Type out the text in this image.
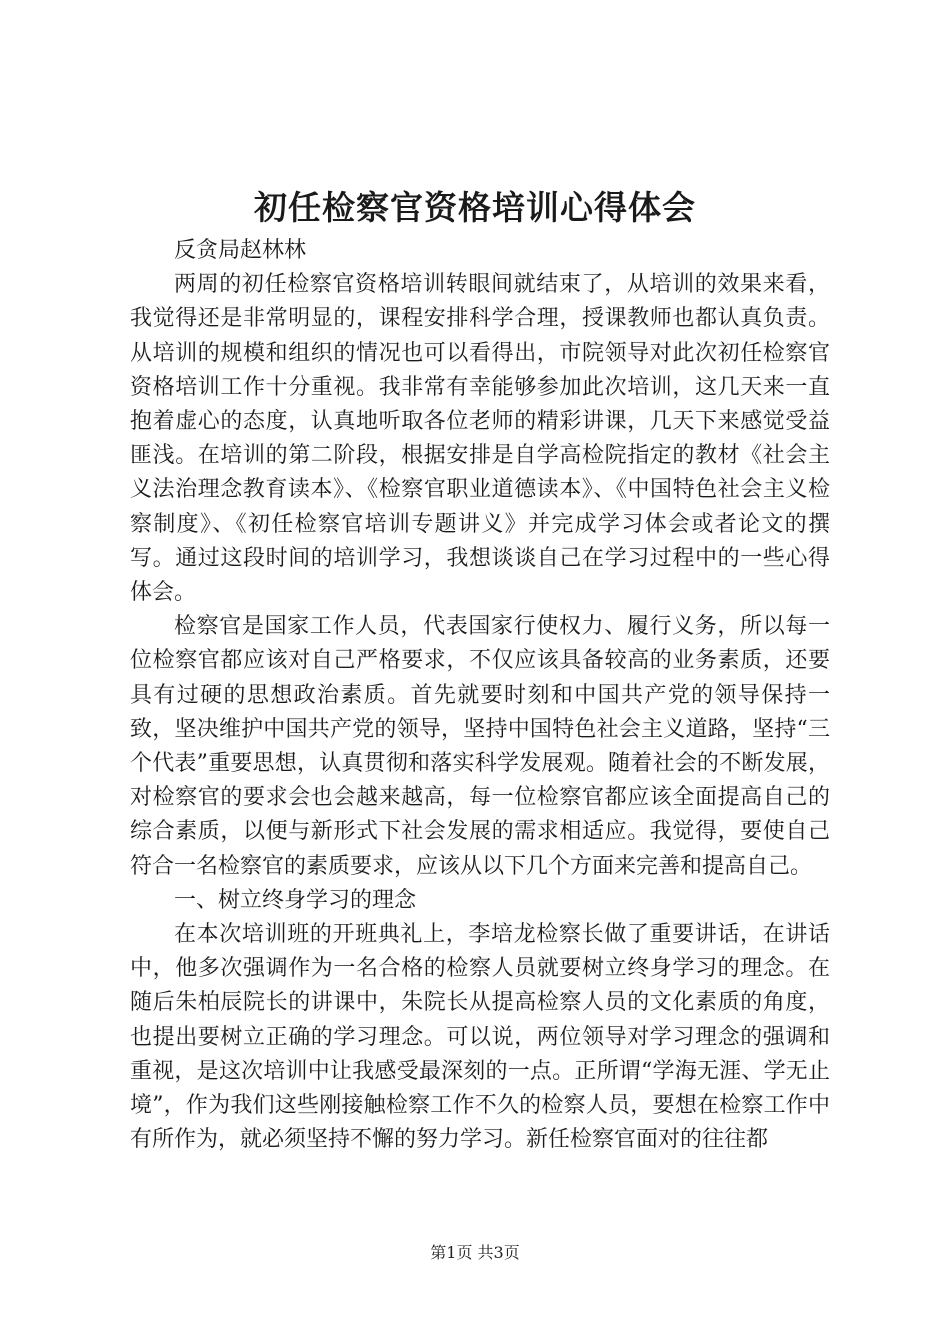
初任检察官资格培训心得体会

反贪局赵林林

两周的初任检察官资格培训转眼间就结束了，从培训的效果来看，我觉得还是非常明显的，课程安排科学合理，授课教师也都认真负责。从培训的规模和组织的情况也可以看得出，市院领导对此次初任检察官资格培训工作十分重视。我非常有幸能够参加此次培训，这几天来一直抱着虚心的态度，认真地听取各位老师的精彩讲课，几天下来感觉受益匪浅。在培训的第二阶段，根据安排是自学高检院指定的教材《社会主义法治理念教育读本》、《检察官职业道德读本》、《中国特色社会主义检察制度》、《初任检察官培训专题讲义》并完成学习体会或者论文的撰写。通过这段时间的培训学习，我想谈谈自己在学习过程中的一些心得体会。

检察官是国家工作人员，代表国家行使权力、履行义务，所以每一位检察官都应该对自己严格要求，不仅应该具备较高的业务素质，还要具有过硬的思想政治素质。首先就要时刻和中国共产党的领导保持一致，坚决维护中国共产党的领导，坚持中国特色社会主义道路，坚持“三个代表”重要思想，认真贯彻和落实科学发展观。随着社会的不断发展，对检察官的要求会也会越来越高，每一位检察官都应该全面提高自己的综合素质，以便与新形式下社会发展的需求相适应。我觉得，要使自己符合一名检察官的素质要求，应该从以下几个方面来完善和提高自己。

一、树立终身学习的理念

在本次培训班的开班典礼上，李培龙检察长做了重要讲话，在讲话中，他多次强调作为一名合格的检察人员就要树立终身学习的理念。在随后朱柏辰院长的讲课中，朱院长从提高检察人员的文化素质的角度，也提出要树立正确的学习理念。可以说，两位领导对学习理念的强调和重视，是这次培训中让我感受最深刻的一点。正所谓“学海无涯、学无止境”，作为我们这些刚接触检察工作不久的检察人员，要想在检察工作中有所作为，就必须坚持不懈的努力学习。新任检察官面对的往往都

第1页 共3页
